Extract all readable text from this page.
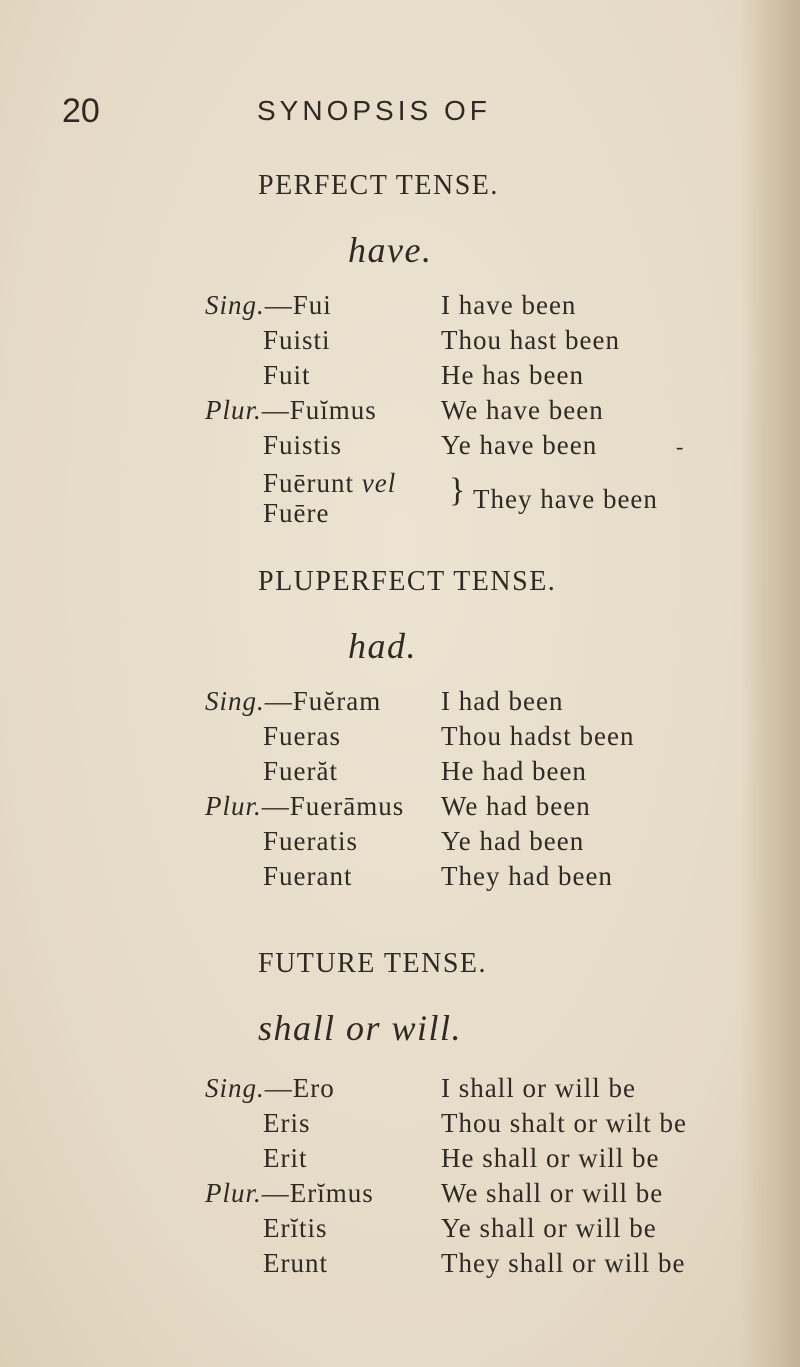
20	SYNOPSIS OF
PERFECT TENSE.
have.
Sing.—Fui	I have been
Fuisti	Thou hast been
Fuit	He has been
Plur.—Fuĭmus We have been
Fuistis	Ye have been	-
Fuērunt vel
Fuēre
} They have been
PLUPERFECT TENSE.
had.
Sing.—Fuĕram I had been
Fueras	Thou hadst been
Fuerăt	He had been
Plur.—Fuerāmus We had been
Fueratis	Ye had been
Fuerant	They had been
FUTURE TENSE.
shall or will.
Sing.—Ero	I shall or will be
Eris	Thou shalt or wilt be
Erit	He shall or will be
Plur.—Erĭmus We shall or will be
Erĭtis	Ye shall or will be
Erunt	They shall or will be
